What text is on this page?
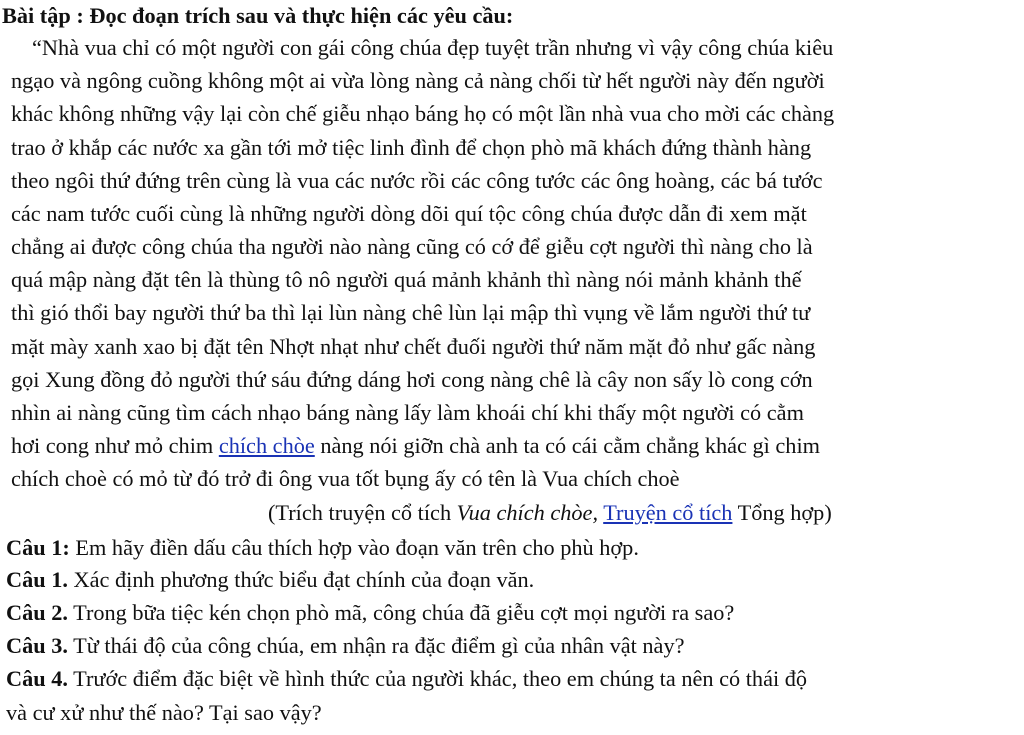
Bài tập : Đọc đoạn trích sau và thực hiện các yêu cầu:
“Nhà vua chỉ có một người con gái công chúa đẹp tuyệt trần nhưng vì vậy công chúa kiêu
ngạo và ngông cuồng không một ai vừa lòng nàng cả nàng chối từ hết người này đến người
khác không những vậy lại còn chế giễu nhạo báng họ có một lần nhà vua cho mời các chàng
trao ở khắp các nước xa gần tới mở tiệc linh đình để chọn phò mã khách đứng thành hàng
theo ngôi thứ đứng trên cùng là vua các nước rồi các công tước các ông hoàng, các bá tước
các nam tước cuối cùng là những người dòng dõi quí tộc công chúa được dẫn đi xem mặt
chẳng ai được công chúa tha người nào nàng cũng có cớ để giễu cợt người thì nàng cho là
quá mập nàng đặt tên là thùng tô nô người quá mảnh khảnh thì nàng nói mảnh khảnh thế
thì gió thổi bay người thứ ba thì lại lùn nàng chê lùn lại mập thì vụng về lắm người thứ tư
mặt mày xanh xao bị đặt tên Nhợt nhạt như chết đuối người thứ năm mặt đỏ như gấc nàng
gọi Xung đồng đỏ người thứ sáu đứng dáng hơi cong nàng chê là cây non sấy lò cong cớn
nhìn ai nàng cũng tìm cách nhạo báng nàng lấy làm khoái chí khi thấy một người có cằm
hơi cong như mỏ chim chích chòe nàng nói giỡn chà anh ta có cái cằm chẳng khác gì chim
chích choè có mỏ từ đó trở đi ông vua tốt bụng ấy có tên là Vua chích choè
(Trích truyện cổ tích Vua chích chòe, Truyện cổ tích Tổng hợp)
Câu 1: Em hãy điền dấu câu thích hợp vào đoạn văn trên cho phù hợp.
Câu 1. Xác định phương thức biểu đạt chính của đoạn văn.
Câu 2. Trong bữa tiệc kén chọn phò mã, công chúa đã giễu cợt mọi người ra sao?
Câu 3. Từ thái độ của công chúa, em nhận ra đặc điểm gì của nhân vật này?
Câu 4. Trước điểm đặc biệt về hình thức của người khác, theo em chúng ta nên có thái độ
và cư xử như thế nào? Tại sao vậy?
